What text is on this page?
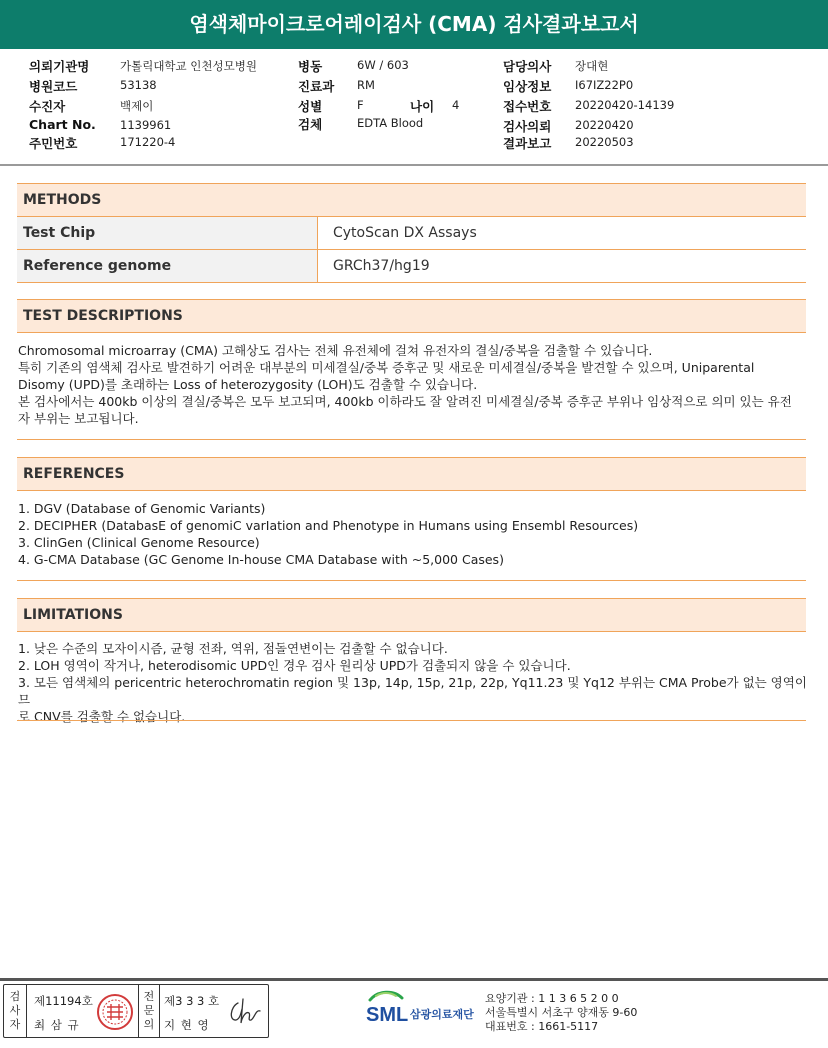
염색체마이크로어레이검사 (CMA) 검사결과보고서
의뢰기관명	가톨릭대학교 인천성모병원
병원코드	53138
수진자	백제이
Chart No. 1139961
주민번호	171220-4
병동	6W / 603
진료과 RM
성별	F	나이 4
검체	EDTA Blood
담당의사 장대현
임상정보 I67IZ22P0
접수번호 20220420-14139
검사의뢰 20220420
결과보고 20220503
METHODS
Test Chip	CytoScan DX Assays
Reference genome	GRCh37/hg19
TEST DESCRIPTIONS

Chromosomal microarray (CMA) 고해상도 검사는 전체 유전체에 걸쳐 유전자의 결실/중복을 검출할 수 있습니다.

특히 기존의 염색체 검사로 발견하기 어려운 대부분의 미세결실/중복 증후군 및 새로운 미세결실/중복을 발견할 수 있으며, Uniparental

Disomy (UPD)를 초래하는 Loss of heterozygosity (LOH)도 검출할 수 있습니다.

본 검사에서는 400kb 이상의 결실/중복은 모두 보고되며, 400kb 이하라도 잘 알려진 미세결실/중복 증후군 부위나 임상적으로 의미 있는 유전

자 부위는 보고됩니다.

REFERENCES

1. DGV (Database of Genomic Variants)

2. DECIPHER (DatabasE of genomiC varIation and Phenotype in Humans using Ensembl Resources)

3. ClinGen (Clinical Genome Resource)

4. G-CMA Database (GC Genome In-house CMA Database with ~5,000 Cases)

LIMITATIONS

1. 낮은 수준의 모자이시즘, 균형 전좌, 역위, 점돌연변이는 검출할 수 없습니다.

2. LOH 영역이 작거나, heterodisomic UPD인 경우 검사 원리상 UPD가 검출되지 않을 수 있습니다.

3. 모든 염색체의 pericentric heterochromatin region 및 13p, 14p, 15p, 21p, 22p, Yq11.23 및 Yq12 부위는 CMA Probe가 없는 영역이므

로 CNV를 검출할 수 없습니다.

검
사
자
제11194호
최 삼 규
전
문
의
제3 3 3 호
지 현 영	SML 삼광의료재단
요양기관 : 1 1 3 6 5 2 0 0
서울특별시 서초구 양재동 9-60
대표번호 : 1661-5117
